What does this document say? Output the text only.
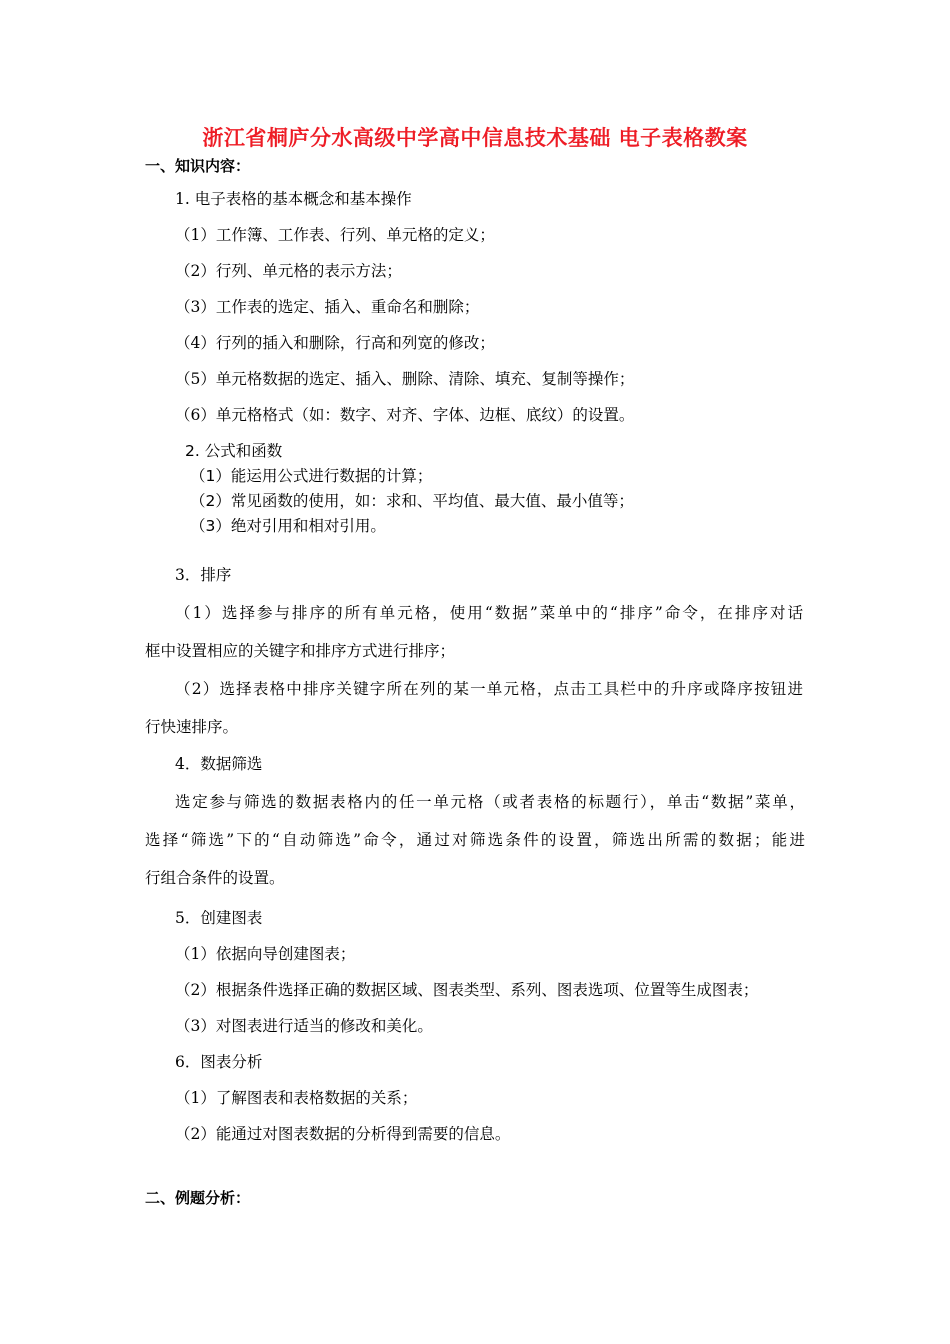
浙江省桐庐分水高级中学高中信息技术基础 电子表格教案
一、知识内容：
1. 电子表格的基本概念和基本操作
（1）工作簿、工作表、行列、单元格的定义；
（2）行列、单元格的表示方法；
（3）工作表的选定、插入、重命名和删除；
（4）行列的插入和删除，行高和列宽的修改；
（5）单元格数据的选定、插入、删除、清除、填充、复制等操作；
（6）单元格格式（如：数字、对齐、字体、边框、底纹）的设置。
2. 公式和函数
（1）能运用公式进行数据的计算；
（2）常见函数的使用，如：求和、平均值、最大值、最小值等；
（3）绝对引用和相对引用。
3．排序
（1）选择参与排序的所有单元格，使用“数据”菜单中的“排序”命令，在排序对话
框中设置相应的关键字和排序方式进行排序；
（2）选择表格中排序关键字所在列的某一单元格，点击工具栏中的升序或降序按钮进
行快速排序。
4．数据筛选
选定参与筛选的数据表格内的任一单元格（或者表格的标题行），单击“数据”菜单，
选择“筛选”下的“自动筛选”命令，通过对筛选条件的设置，筛选出所需的数据；能进
行组合条件的设置。
5．创建图表
（1）依据向导创建图表；
（2）根据条件选择正确的数据区域、图表类型、系列、图表选项、位置等生成图表；
（3）对图表进行适当的修改和美化。
6．图表分析
（1）了解图表和表格数据的关系；
（2）能通过对图表数据的分析得到需要的信息。
二、例题分析：
